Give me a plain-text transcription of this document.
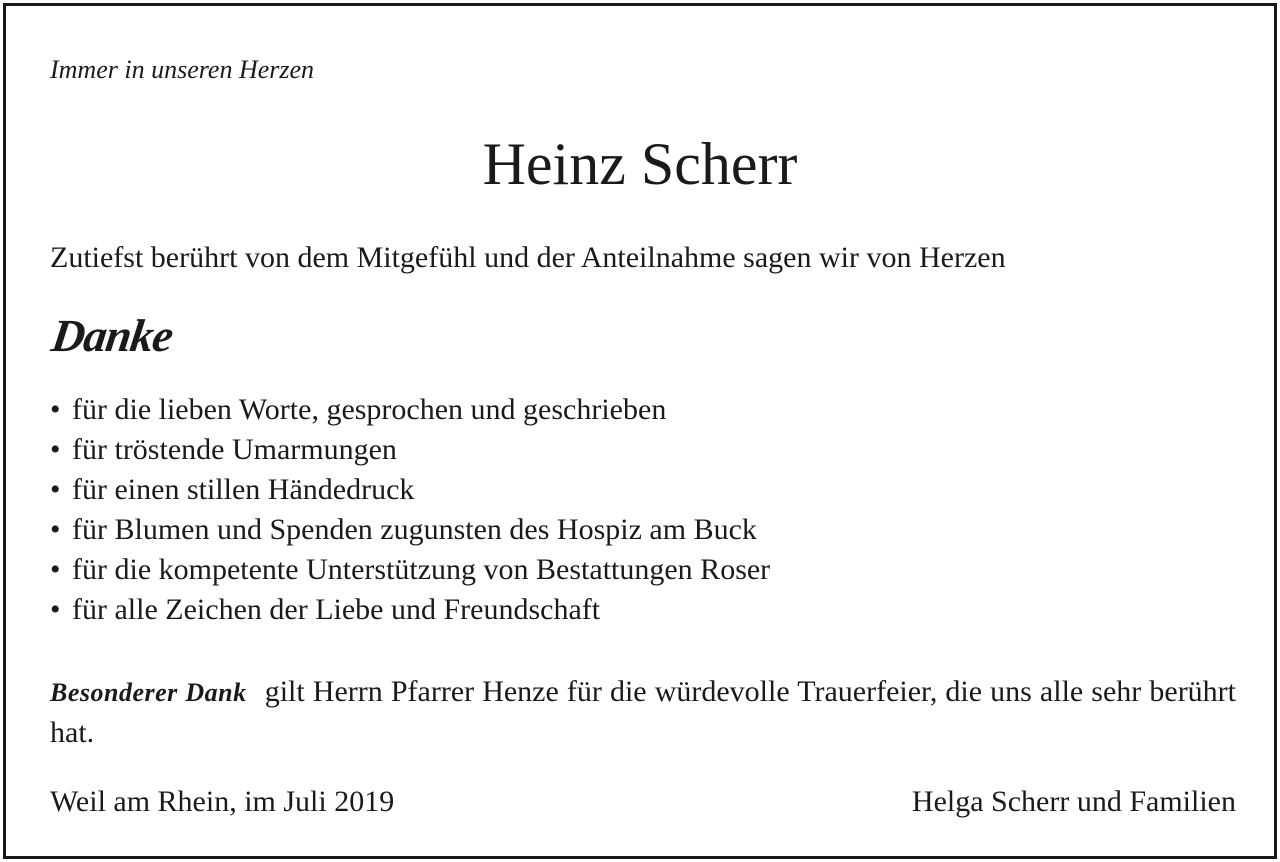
Immer in unseren Herzen

Heinz Scherr

Zutiefst berührt von dem Mitgefühl und der Anteilnahme sagen wir von Herzen

Danke

• für die lieben Worte, gesprochen und geschrieben
• für tröstende Umarmungen
• für einen stillen Händedruck
• für Blumen und Spenden zugunsten des Hospiz am Buck
• für die kompetente Unterstützung von Bestattungen Roser
• für alle Zeichen der Liebe und Freundschaft

Besonderer Dank gilt Herrn Pfarrer Henze für die würdevolle Trauerfeier, die uns alle sehr berührt hat.

Weil am Rhein, im Juli 2019	Helga Scherr und Familien
